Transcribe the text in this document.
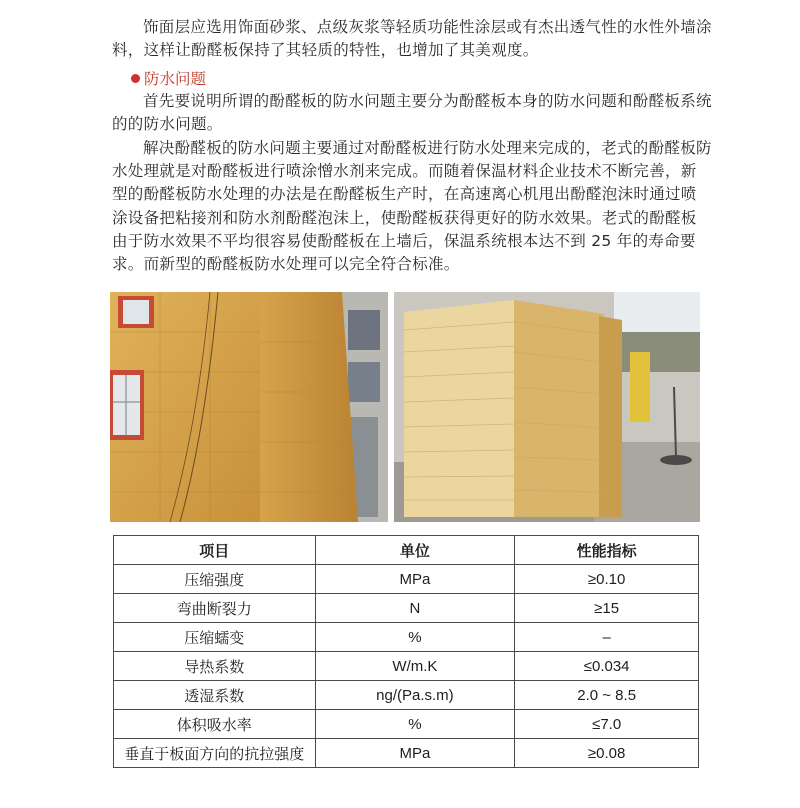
饰面层应选用饰面砂浆、点级灰浆等轻质功能性涂层或有杰出透气性的水性外墙涂料，这样让酚醛板保持了其轻质的特性，也增加了其美观度。

防水问题

首先要说明所谓的酚醛板的防水问题主要分为酚醛板本身的防水问题和酚醛板系统的的防水问题。

解决酚醛板的防水问题主要通过对酚醛板进行防水处理来完成的，老式的酚醛板防水处理就是对酚醛板进行喷涂憎水剂来完成。而随着保温材料企业技术不断完善，新型的酚醛板防水处理的办法是在酚醛板生产时，在高速离心机甩出酚醛泡沫时通过喷涂设备把粘接剂和防水剂酚醛泡沫上，使酚醛板获得更好的防水效果。老式的酚醛板由于防水效果不平均很容易使酚醛板在上墙后，保温系统根本达不到 25 年的寿命要求。而新型的酚醛板防水处理可以完全符合标准。

项目	单位	性能指标
压缩强度	MPa	≥0.10
弯曲断裂力	N	≥15
压缩蠕变	%	–
导热系数	W/m.K	≤0.034
透湿系数	ng/(Pa.s.m)	2.0 ~ 8.5
体积吸水率	%	≤7.0
垂直于板面方向的抗拉强度	MPa	≥0.08
